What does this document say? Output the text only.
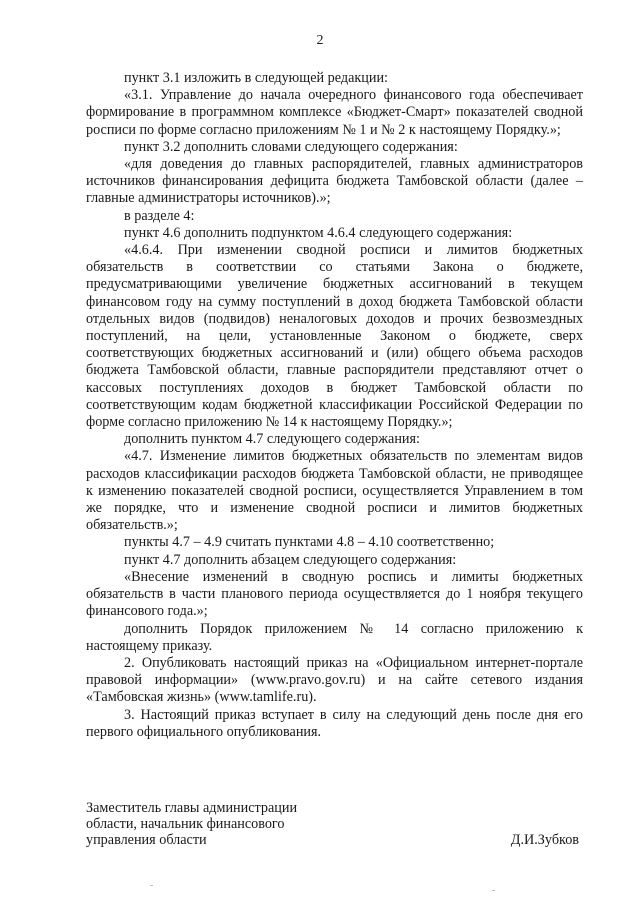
2

пункт 3.1 изложить в следующей редакции:

«3.1. Управление до начала очередного финансового года обеспечивает формирование в программном комплексе «Бюджет-Смарт» показателей сводной росписи по форме согласно приложениям № 1 и № 2 к настоящему Порядку.»;

пункт 3.2 дополнить словами следующего содержания:

«для доведения до главных распорядителей, главных администраторов источников финансирования дефицита бюджета Тамбовской области (далее – главные администраторы источников).»;

в разделе 4:

пункт 4.6 дополнить подпунктом 4.6.4 следующего содержания:

«4.6.4. При изменении сводной росписи и лимитов бюджетных обязательств в соответствии со статьями Закона о бюджете, предусматривающими увеличение бюджетных ассигнований в текущем финансовом году на сумму поступлений в доход бюджета Тамбовской области отдельных видов (подвидов) неналоговых доходов и прочих безвозмездных поступлений, на цели, установленные Законом о бюджете, сверх соответствующих бюджетных ассигнований и (или) общего объема расходов бюджета Тамбовской области, главные распорядители представляют отчет о кассовых поступлениях доходов в бюджет Тамбовской области по соответствующим кодам бюджетной классификации Российской Федерации по форме согласно приложению № 14 к настоящему Порядку.»;

дополнить пунктом 4.7 следующего содержания:

«4.7. Изменение лимитов бюджетных обязательств по элементам видов расходов классификации расходов бюджета Тамбовской области, не приводящее к изменению показателей сводной росписи, осуществляется Управлением в том же порядке, что и изменение сводной росписи и лимитов бюджетных обязательств.»;

пункты 4.7 – 4.9 считать пунктами 4.8 – 4.10 соответственно;

пункт 4.7 дополнить абзацем следующего содержания:

«Внесение изменений в сводную роспись и лимиты бюджетных обязательств в части планового периода осуществляется до 1 ноября текущего финансового года.»;

дополнить Порядок приложением № 14 согласно приложению к настоящему приказу.

2. Опубликовать настоящий приказ на «Официальном интернет-портале правовой информации» (www.pravo.gov.ru) и на сайте сетевого издания «Тамбовская жизнь» (www.tamlife.ru).

3. Настоящий приказ вступает в силу на следующий день после дня его первого официального опубликования.

Заместитель главы администрации
области, начальник финансового
управления области	Д.И.Зубков
